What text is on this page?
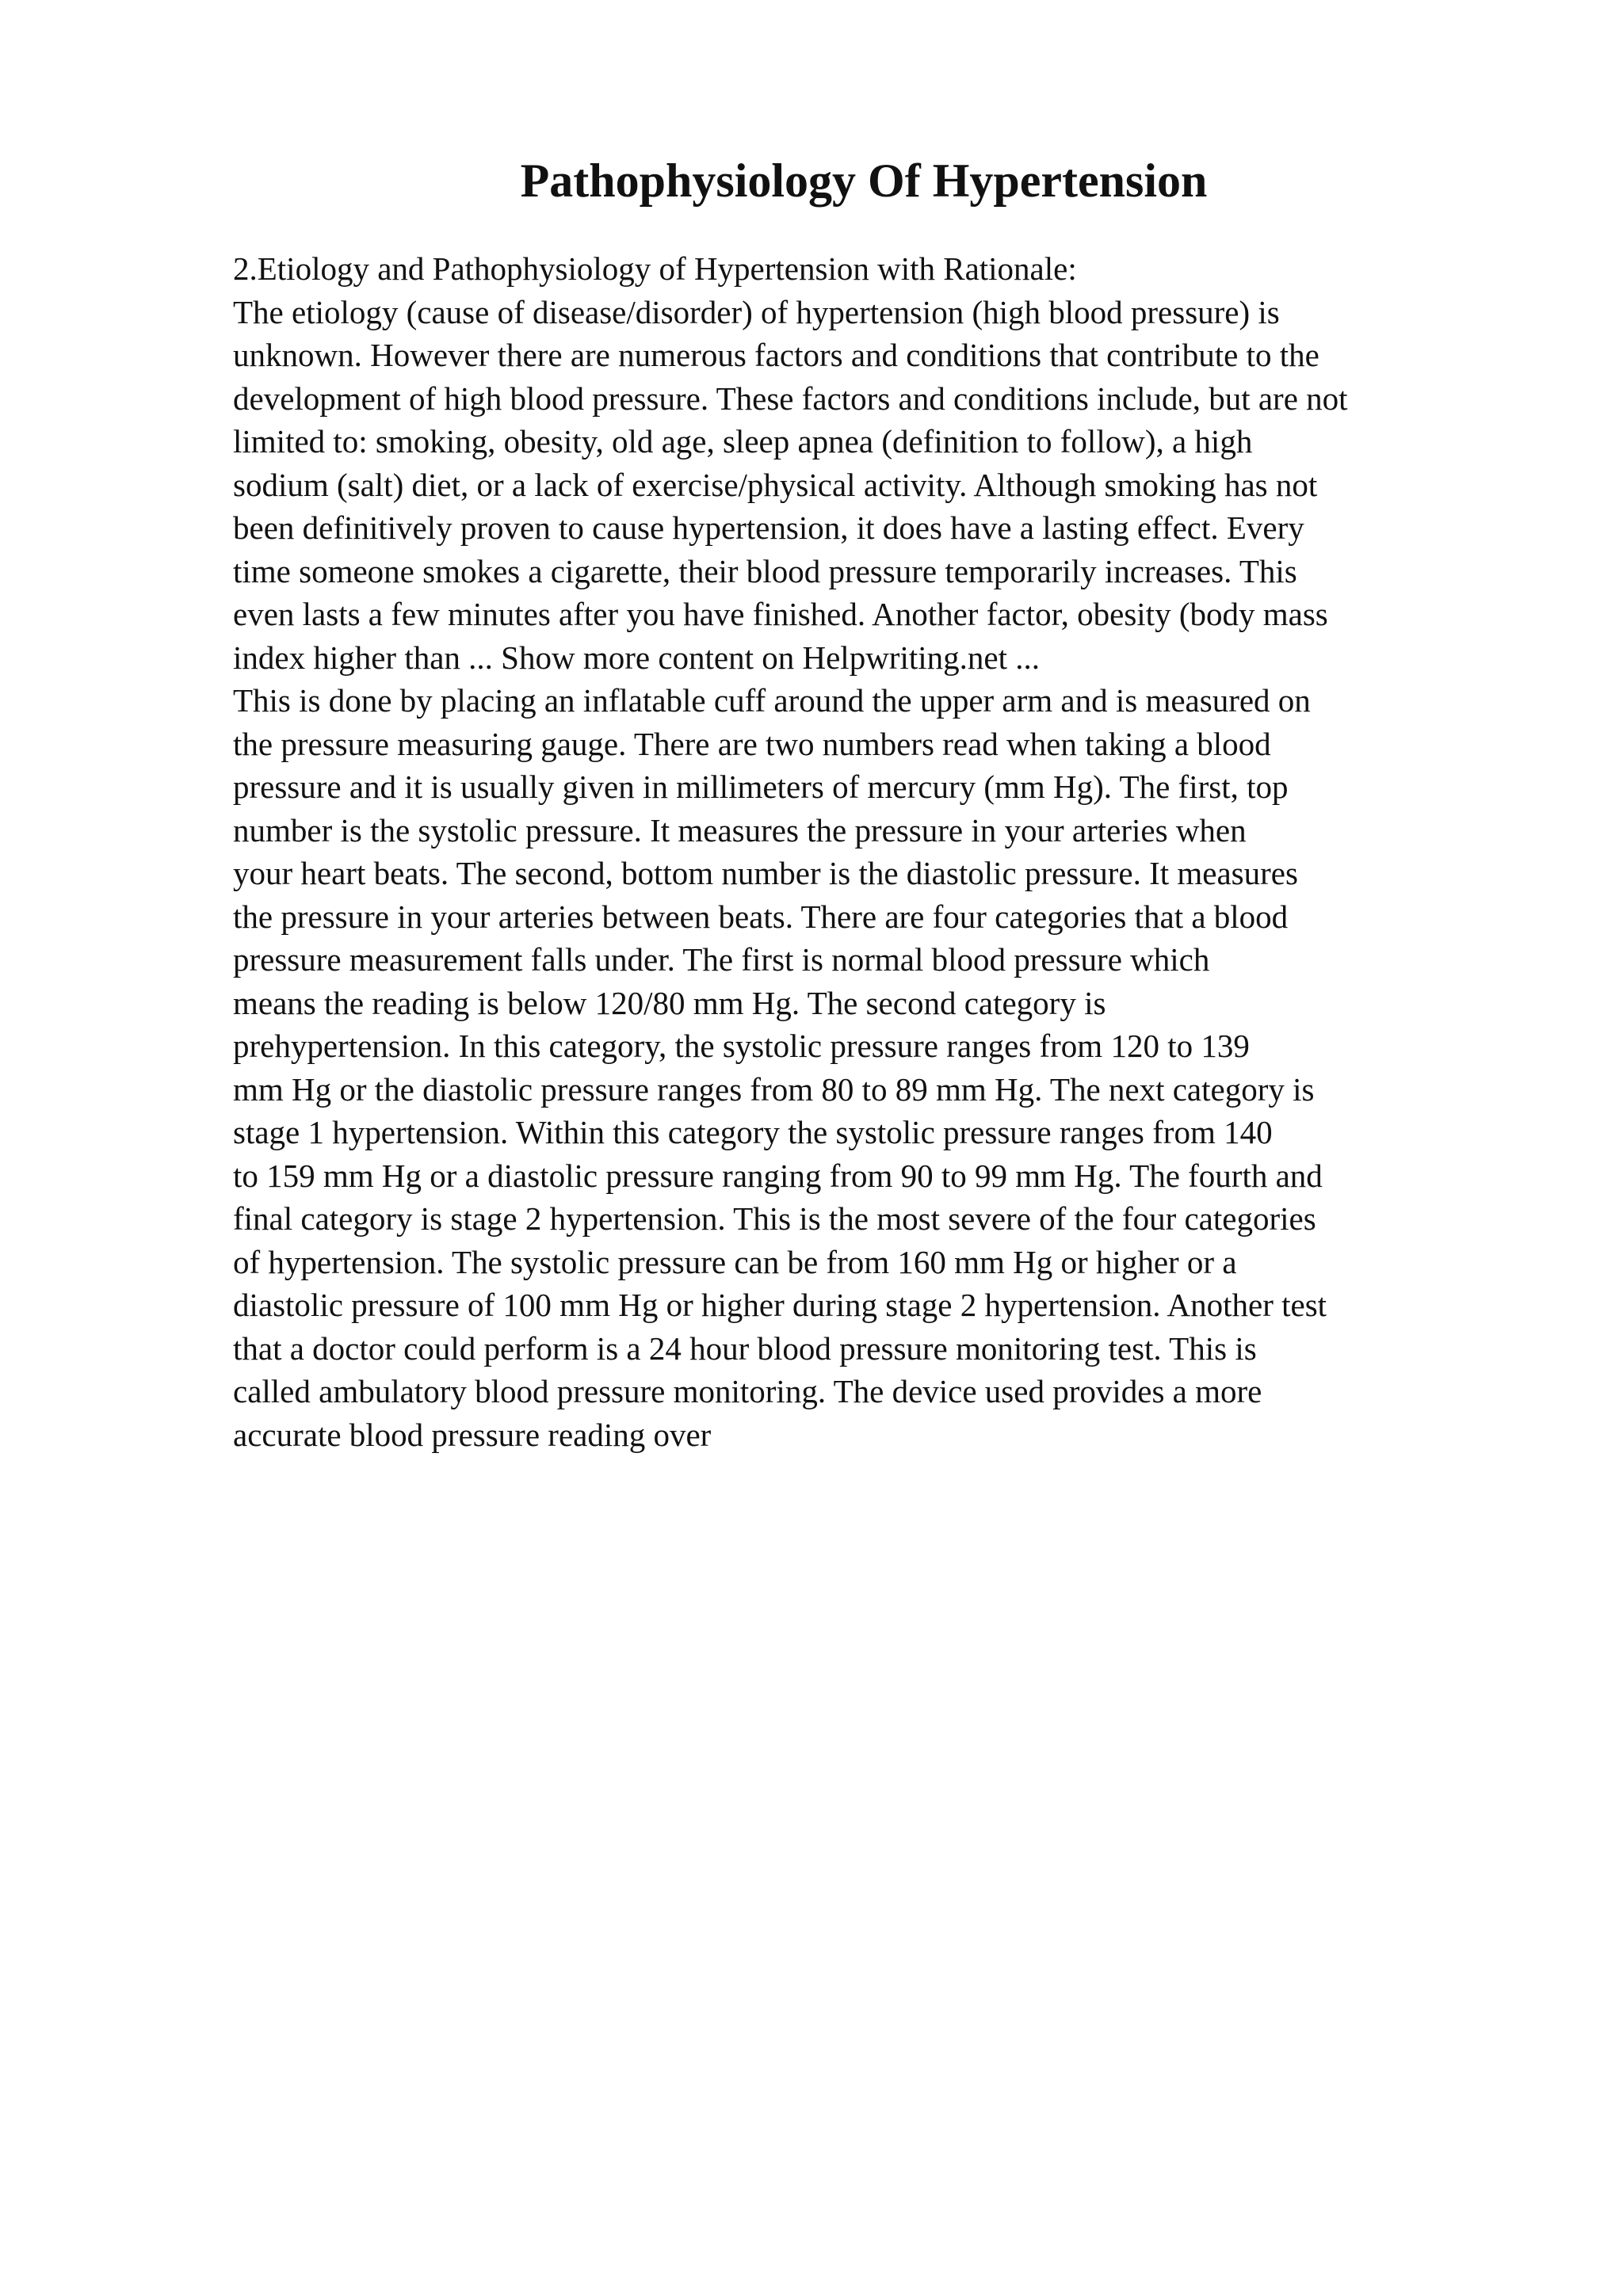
Pathophysiology Of Hypertension
2.Etiology and Pathophysiology of Hypertension with Rationale:
The etiology (cause of disease/disorder) of hypertension (high blood pressure) is
unknown. However there are numerous factors and conditions that contribute to the
development of high blood pressure. These factors and conditions include, but are not
limited to: smoking, obesity, old age, sleep apnea (definition to follow), a high
sodium (salt) diet, or a lack of exercise/physical activity. Although smoking has not
been definitively proven to cause hypertension, it does have a lasting effect. Every
time someone smokes a cigarette, their blood pressure temporarily increases. This
even lasts a few minutes after you have finished. Another factor, obesity (body mass
index higher than ... Show more content on Helpwriting.net ...
This is done by placing an inflatable cuff around the upper arm and is measured on
the pressure measuring gauge. There are two numbers read when taking a blood
pressure and it is usually given in millimeters of mercury (mm Hg). The first, top
number is the systolic pressure. It measures the pressure in your arteries when
your heart beats. The second, bottom number is the diastolic pressure. It measures
the pressure in your arteries between beats. There are four categories that a blood
pressure measurement falls under. The first is normal blood pressure which
means the reading is below 120/80 mm Hg. The second category is
prehypertension. In this category, the systolic pressure ranges from 120 to 139
mm Hg or the diastolic pressure ranges from 80 to 89 mm Hg. The next category is
stage 1 hypertension. Within this category the systolic pressure ranges from 140
to 159 mm Hg or a diastolic pressure ranging from 90 to 99 mm Hg. The fourth and
final category is stage 2 hypertension. This is the most severe of the four categories
of hypertension. The systolic pressure can be from 160 mm Hg or higher or a
diastolic pressure of 100 mm Hg or higher during stage 2 hypertension. Another test
that a doctor could perform is a 24 hour blood pressure monitoring test. This is
called ambulatory blood pressure monitoring. The device used provides a more
accurate blood pressure reading over
